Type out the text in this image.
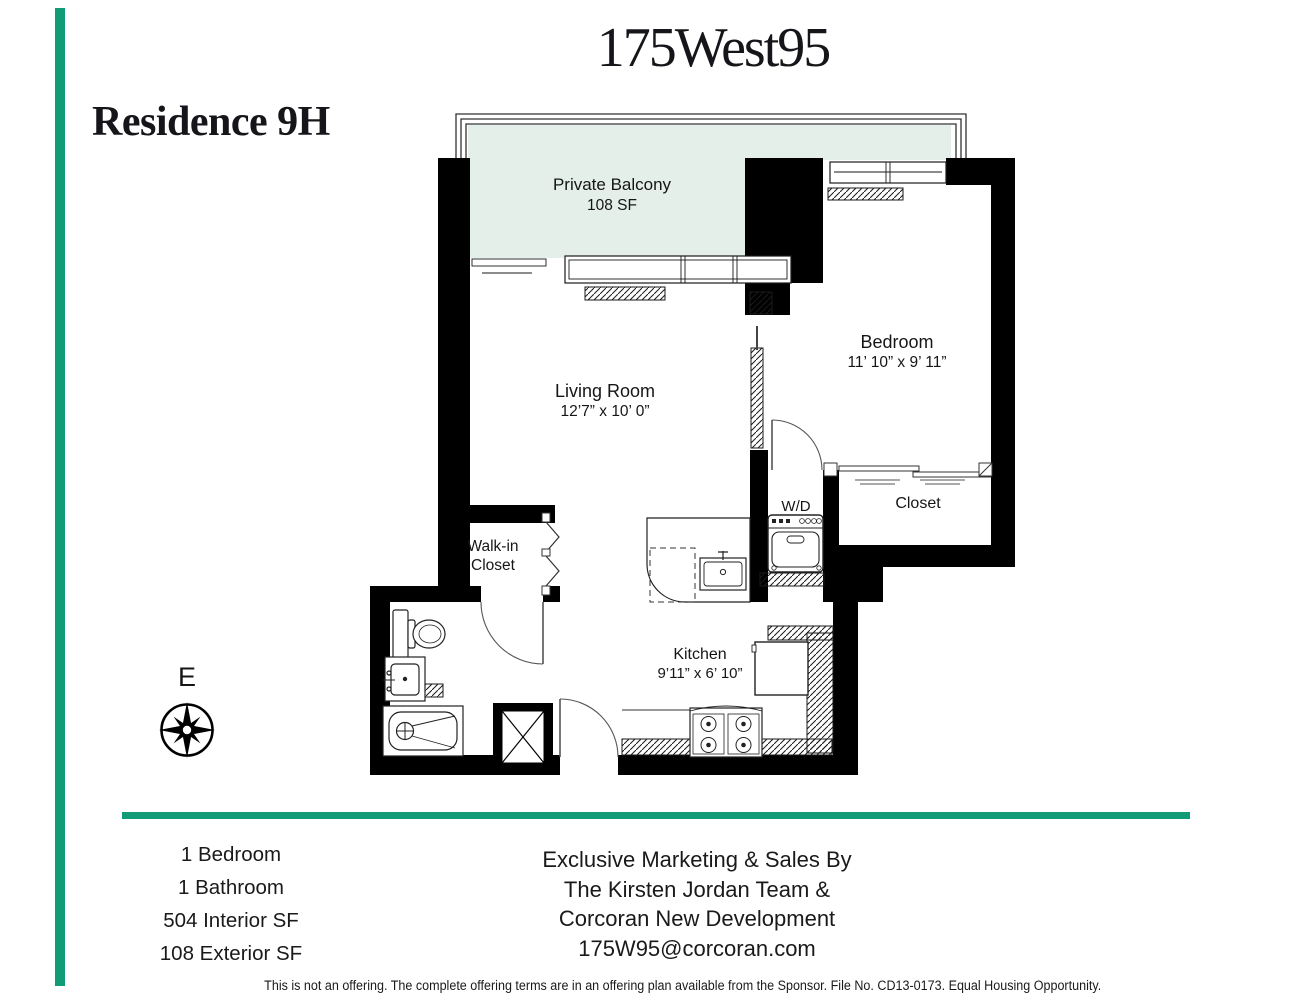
175West95
Residence 9H
Private Balcony
108 SF
Living Room
12’7” x 10’ 0”
Bedroom
11’ 10” x 9’ 11”
Closet
W/D
Walk-in
Closet
Kitchen
9’11” x 6’ 10”
E
1 Bedroom
1 Bathroom
504 Interior SF
108 Exterior SF
Exclusive Marketing & Sales By
The Kirsten Jordan Team &
Corcoran New Development
175W95@corcoran.com
This is not an offering. The complete offering terms are in an offering plan available from the Sponsor. File No. CD13-0173. Equal Housing Opportunity.
